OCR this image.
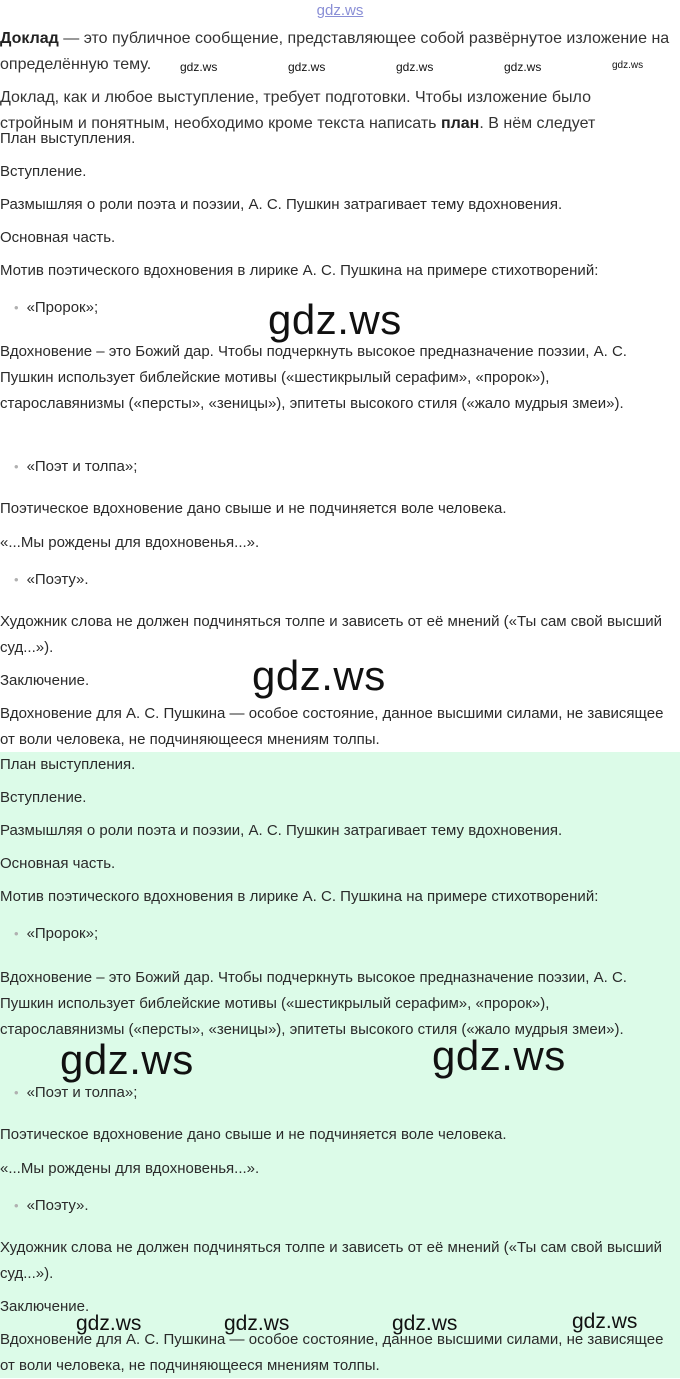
gdz.ws
Доклад — это публичное сообщение, представляющее собой развёрнутое изложение на определённую тему.	gdz.ws	gdz.ws	gdz.ws	gdz.ws	gdz.ws
Доклад, как и любое выступление, требует подготовки. Чтобы изложение было
стройным и понятным, необходимо кроме текста написать план. В нём следует
План выступления.
Вступление.
Размышляя о роли поэта и поэзии, А. С. Пушкин затрагивает тему вдохновения.
Основная часть.
Мотив поэтического вдохновения в лирике А. С. Пушкина на примере стихотворений:
• «Пророк»;	gdz.ws
Вдохновение – это Божий дар. Чтобы подчеркнуть высокое предназначение поэзии, А. С. Пушкин использует библейские мотивы («шестикрылый серафим», «пророк»), старославянизмы («персты», «зеницы»), эпитеты высокого стиля («жало мудрыя змеи»).
• «Поэт и толпа»;
Поэтическое вдохновение дано свыше и не подчиняется воле человека.
«...Мы рождены для вдохновенья...».
• «Поэту».
Художник слова не должен подчиняться толпе и зависеть от её мнений («Ты сам свой высший суд...»).
gdz.ws
Заключение.
Вдохновение для А. С. Пушкина — особое состояние, данное высшими силами, не зависящее от воли человека, не подчиняющееся мнениям толпы.
План выступления.
Вступление.
Размышляя о роли поэта и поэзии, А. С. Пушкин затрагивает тему вдохновения.
Основная часть.
Мотив поэтического вдохновения в лирике А. С. Пушкина на примере стихотворений:
• «Пророк»;
Вдохновение – это Божий дар. Чтобы подчеркнуть высокое предназначение поэзии, А. С. Пушкин использует библейские мотивы («шестикрылый серафим», «пророк»), старославянизмы («персты», «зеницы»), эпитеты высокого стиля («жало мудрыя змеи»).
gdz.ws	gdz.ws
• «Поэт и толпа»;
Поэтическое вдохновение дано свыше и не подчиняется воле человека.
«...Мы рождены для вдохновенья...».
• «Поэту».
Художник слова не должен подчиняться толпе и зависеть от её мнений («Ты сам свой высший суд...»).
Заключение.
gdz.ws	gdz.ws	gdz.ws	gdz.ws
Вдохновение для А. С. Пушкина — особое состояние, данное высшими силами, не зависящее от воли человека, не подчиняющееся мнениям толпы.
